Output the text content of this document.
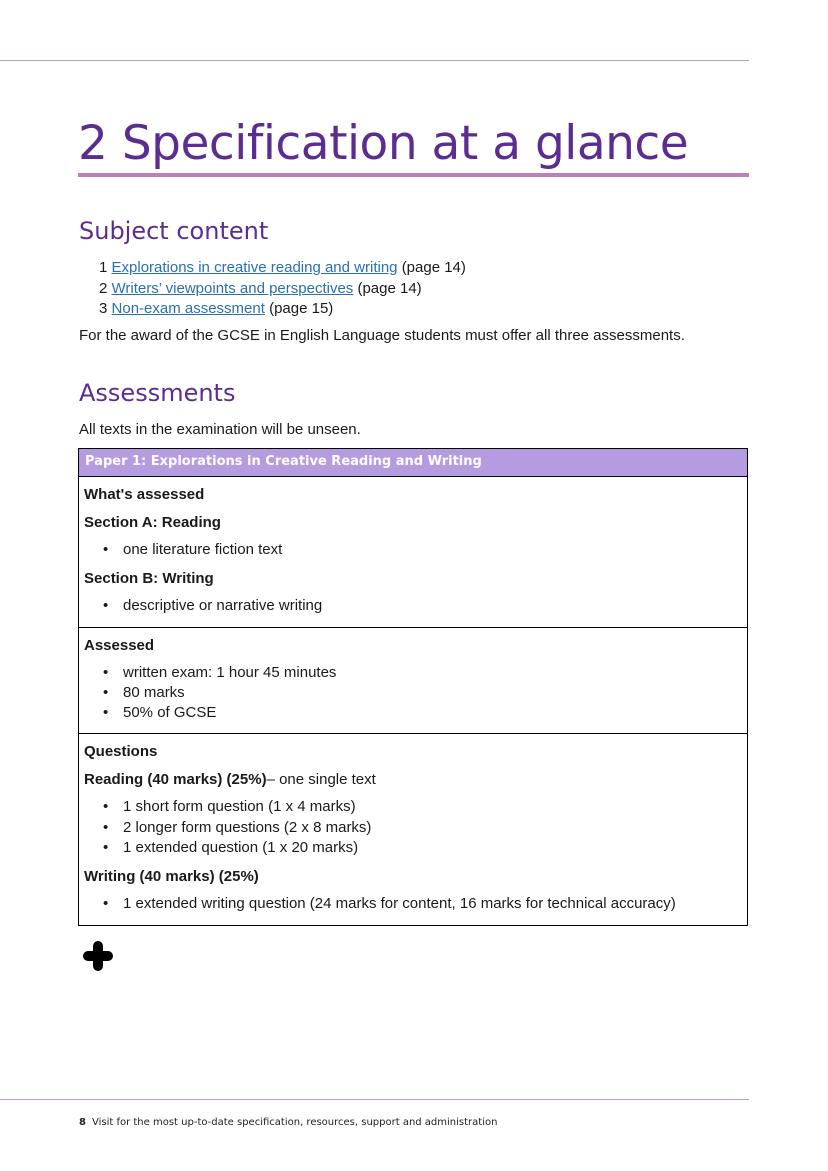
2 Specification at a glance
Subject content
1 Explorations in creative reading and writing (page 14)
2 Writers’ viewpoints and perspectives (page 14)
3 Non-exam assessment (page 15)

For the award of the GCSE in English Language students must offer all three assessments.

Assessments

All texts in the examination will be unseen.

Paper 1: Explorations in Creative Reading and Writing

What's assessed

Section A: Reading

• one literature fiction text

Section B: Writing

• descriptive or narrative writing

Assessed

• written exam: 1 hour 45 minutes
• 80 marks
• 50% of GCSE

Questions

Reading (40 marks) (25%)– one single text

• 1 short form question (1 x 4 marks)
• 2 longer form questions (2 x 8 marks)
• 1 extended question (1 x 20 marks)

Writing (40 marks) (25%)

• 1 extended writing question (24 marks for content, 16 marks for technical accuracy)
8 Visit for the most up-to-date specification, resources, support and administration
